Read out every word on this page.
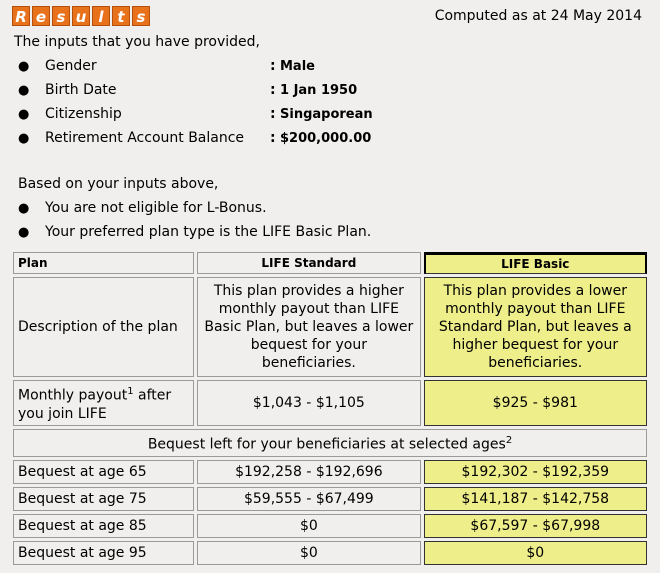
R e s u l t s	Computed as at 24 May 2014
The inputs that you have provided,
●	Gender	: Male
●	Birth Date	: 1 Jan 1950
●	Citizenship	: Singaporean
●	Retirement Account Balance	: $200,000.00
Based on your inputs above,
●	You are not eligible for L-Bonus.
●	Your preferred plan type is the LIFE Basic Plan.
Plan	LIFE Standard	LIFE Basic
Description of the plan	This plan provides a higher monthly payout than LIFE Basic Plan, but leaves a lower bequest for your beneficiaries.	This plan provides a lower monthly payout than LIFE Standard Plan, but leaves a higher bequest for your beneficiaries.
Monthly payout$^1$ after you join LIFE	$1,043 - $1,105	$925 - $981
Bequest left for your beneficiaries at selected ages$^2$
Bequest at age 65	$192,258 - $192,696	$192,302 - $192,359
Bequest at age 75	$59,555 - $67,499	$141,187 - $142,758
Bequest at age 85	$0	$67,597 - $67,998
Bequest at age 95	$0	$0
